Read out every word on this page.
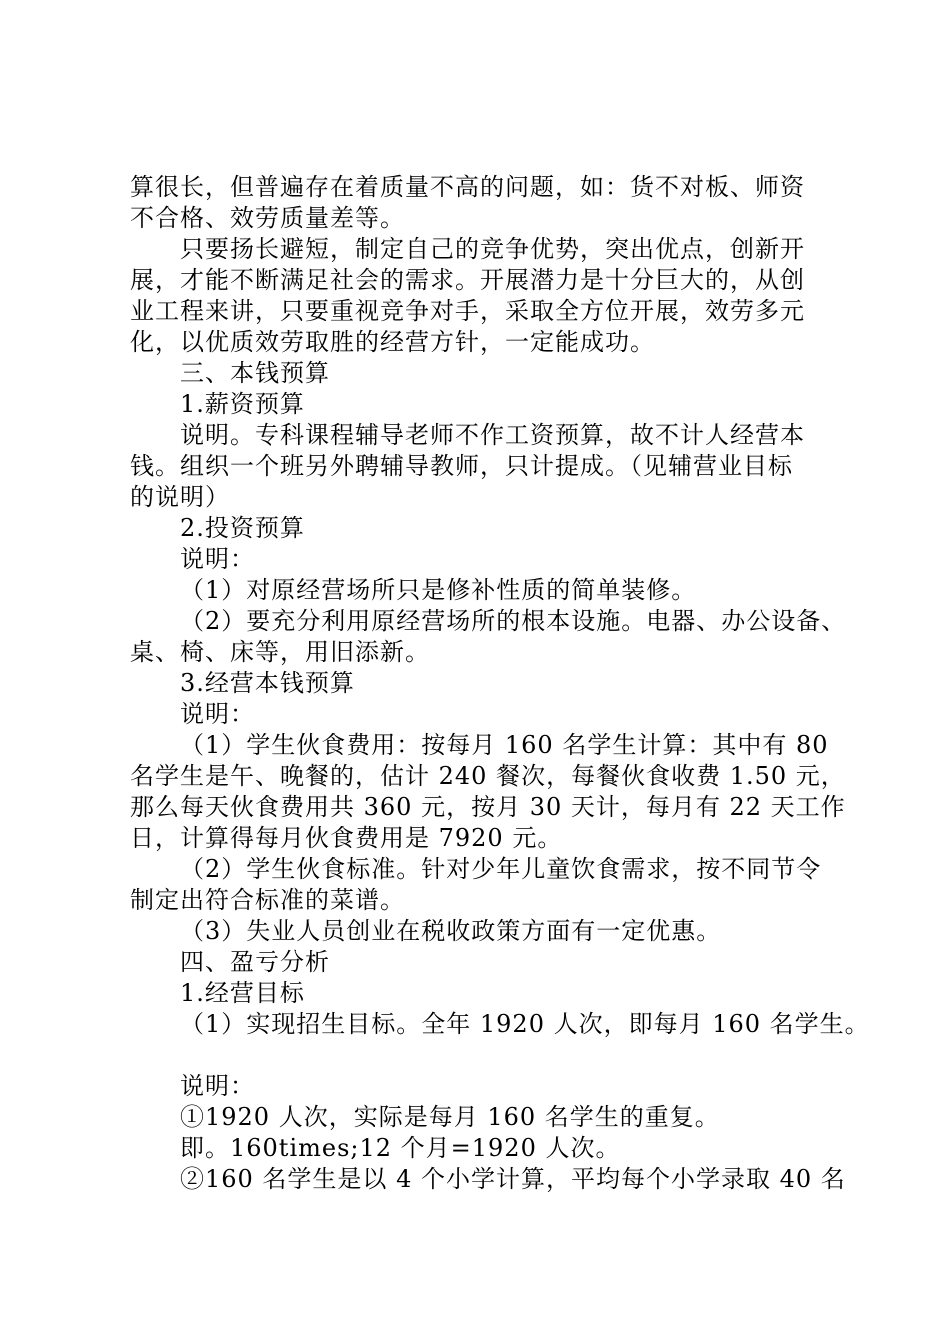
算很长，但普遍存在着质量不高的问题，如：货不对板、师资
不合格、效劳质量差等。
只要扬长避短，制定自己的竞争优势，突出优点，创新开
展，才能不断满足社会的需求。开展潜力是十分巨大的，从创
业工程来讲，只要重视竞争对手，采取全方位开展，效劳多元
化，以优质效劳取胜的经营方针，一定能成功。
三、本钱预算
1.薪资预算
说明。专科课程辅导老师不作工资预算，故不计人经营本
钱。组织一个班另外聘辅导教师，只计提成。（见辅营业目标
的说明）
2.投资预算
说明：
（1）对原经营场所只是修补性质的简单装修。
（2）要充分利用原经营场所的根本设施。电器、办公设备、
桌、椅、床等，用旧添新。
3.经营本钱预算
说明：
（1）学生伙食费用：按每月 160 名学生计算：其中有 80
名学生是午、晚餐的，估计 240 餐次，每餐伙食收费 1.50 元，
那么每天伙食费用共 360 元，按月 30 天计，每月有 22 天工作
日，计算得每月伙食费用是 7920 元。
（2）学生伙食标准。针对少年儿童饮食需求，按不同节令
制定出符合标准的菜谱。
（3）失业人员创业在税收政策方面有一定优惠。
四、盈亏分析
1.经营目标
（1）实现招生目标。全年 1920 人次，即每月 160 名学生。
说明：
①1920 人次，实际是每月 160 名学生的重复。
即。160times;12 个月=1920 人次。
②160 名学生是以 4 个小学计算，平均每个小学录取 40 名
